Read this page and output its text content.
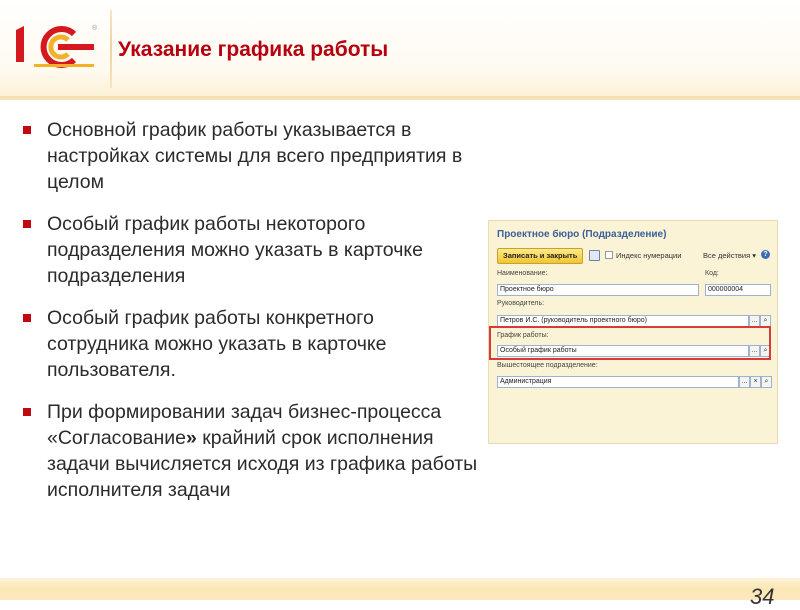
®
Указание графика работы
Основной график работы указывается в настройках системы для всего предприятия в целом
Особый график работы некоторого подразделения можно указать в карточке подразделения
Особый график работы конкретного сотрудника можно указать в карточке пользователя.
При формировании задач бизнес-процесса «Согласование» крайний срок исполнения задачи вычисляется исходя из графика работы исполнителя задачи
Проектное бюро (Подразделение)
Записать и закрыть	Индекс нумерации	Все действия ▾	?
Наименование:	Код:
Проектное бюро	000000004
Руководитель:
Петров И.С. (руководитель проектного бюро)	... ⌕
График работы:
Особый график работы	... ⌕
Вышестоящее подразделение:
Администрация	... × ⌕
34
